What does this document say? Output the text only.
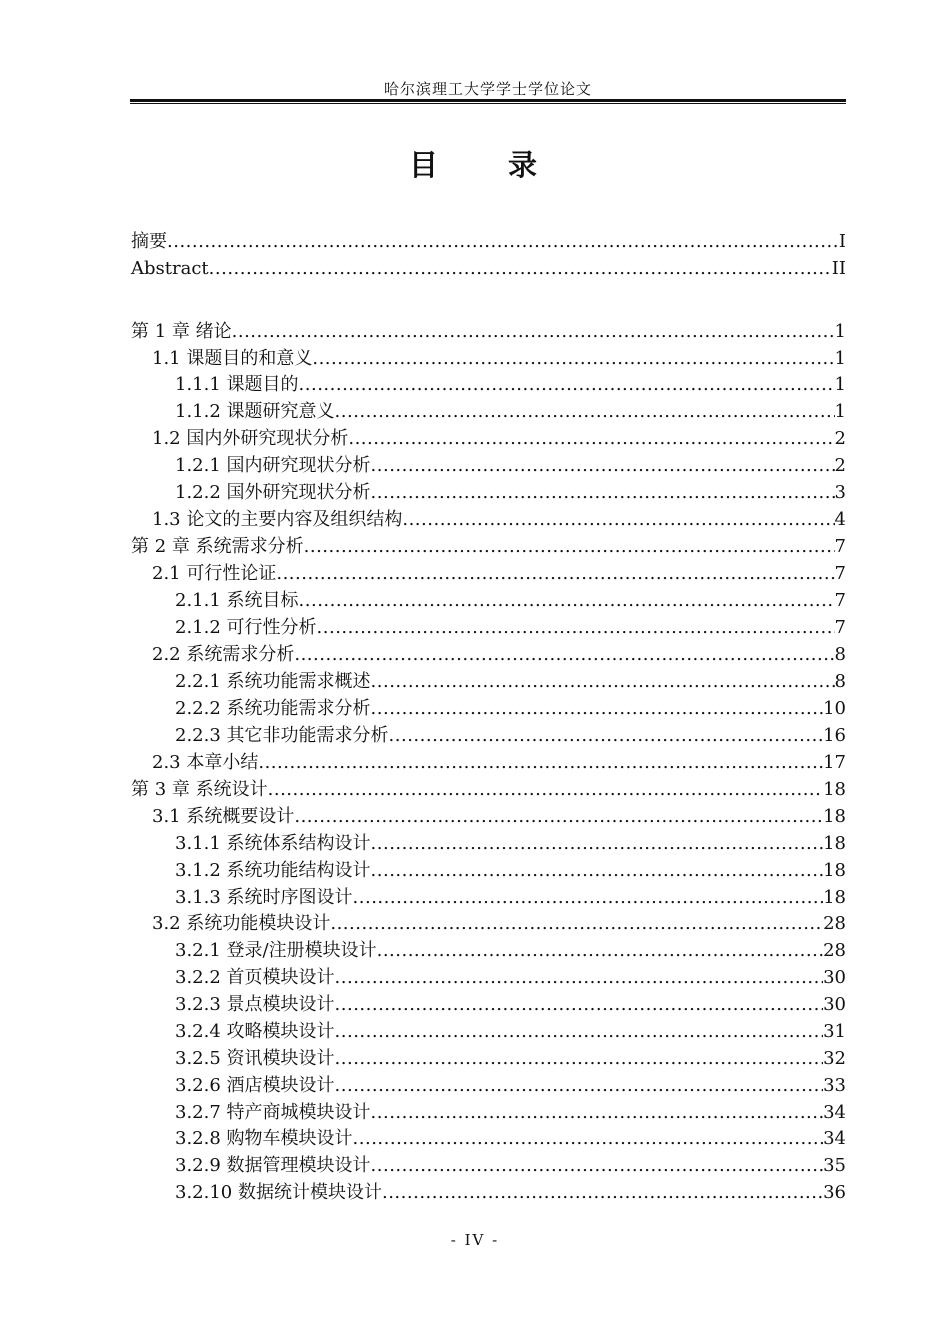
哈尔滨理工大学学士学位论文
目 录
摘要 .....	I
Abstract .....	II
第 1 章 绪论 .....	1
1.1 课题目的和意义 .....	1
1.1.1 课题目的 .....	1
1.1.2 课题研究意义 .....	1
1.2 国内外研究现状分析 .....	2
1.2.1 国内研究现状分析 .....	2
1.2.2 国外研究现状分析 .....	3
1.3 论文的主要内容及组织结构 .....	4
第 2 章 系统需求分析 .....	7
2.1 可行性论证 .....	7
2.1.1 系统目标 .....	7
2.1.2 可行性分析 .....	7
2.2 系统需求分析 .....	8
2.2.1 系统功能需求概述 .....	8
2.2.2 系统功能需求分析 .....	10
2.2.3 其它非功能需求分析 .....	16
2.3 本章小结 .....	17
第 3 章 系统设计 .....	18
3.1 系统概要设计 .....	18
3.1.1 系统体系结构设计 .....	18
3.1.2 系统功能结构设计 .....	18
3.1.3 系统时序图设计 .....	18
3.2 系统功能模块设计 .....	28
3.2.1 登录/注册模块设计 .....	28
3.2.2 首页模块设计 .....	30
3.2.3 景点模块设计 .....	30
3.2.4 攻略模块设计 .....	31
3.2.5 资讯模块设计 .....	32
3.2.6 酒店模块设计 .....	33
3.2.7 特产商城模块设计 .....	34
3.2.8 购物车模块设计 .....	34
3.2.9 数据管理模块设计 .....	35
3.2.10 数据统计模块设计 .....	36
- IV -
